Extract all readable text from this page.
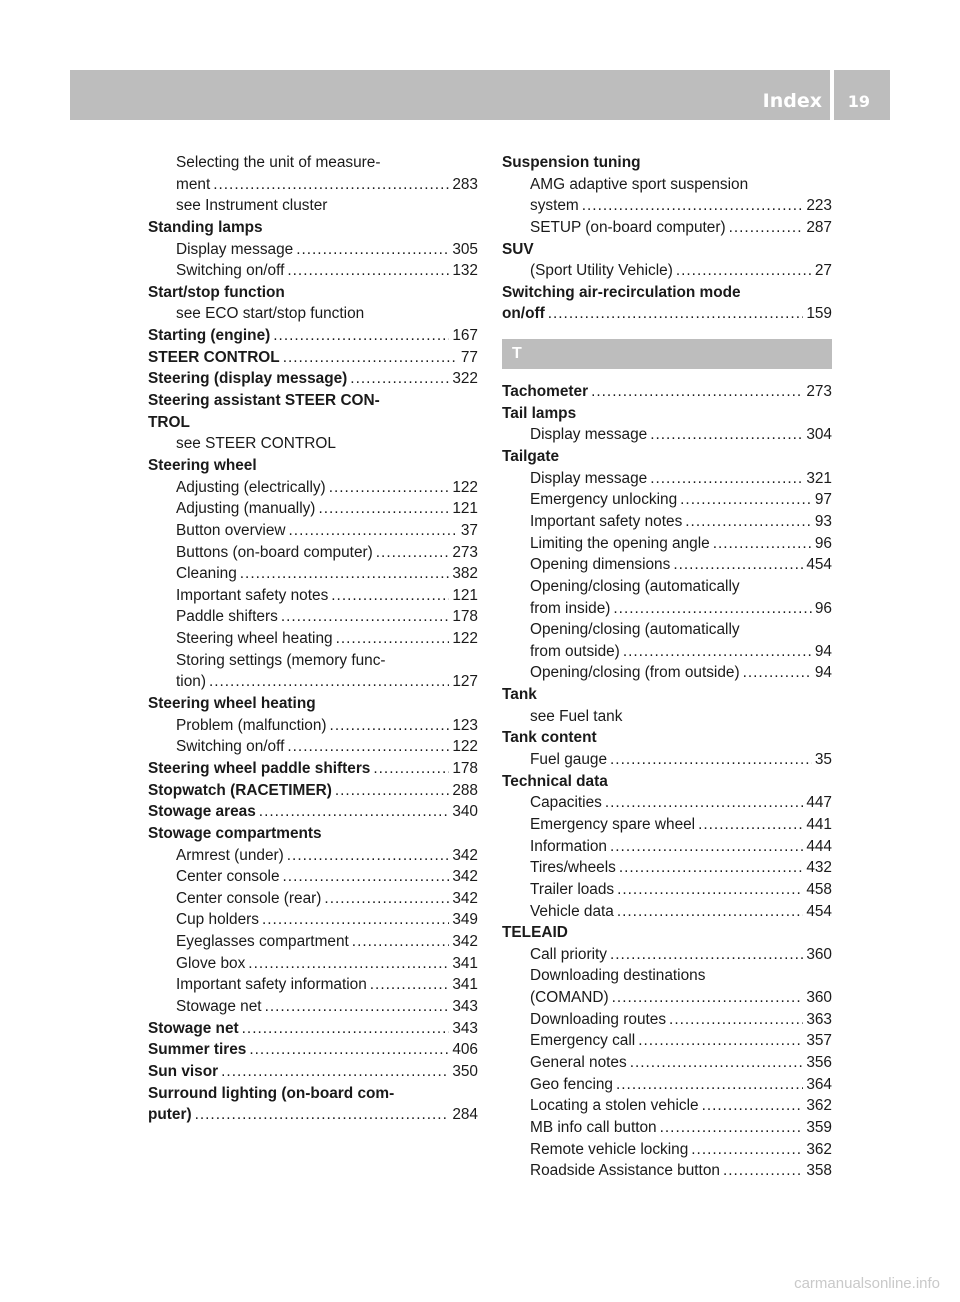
Index 19
Selecting the unit of measure-
ment .....	283
see Instrument cluster
Standing lamps
Display message .....	305
Switching on/off .....	132
Start/stop function
see ECO start/stop function
Starting (engine) .....	167
STEER CONTROL .....	77
Steering (display message) .....	322
Steering assistant STEER CON-
TROL
see STEER CONTROL
Steering wheel
Adjusting (electrically) .....	122
Adjusting (manually) .....	121
Button overview .....	37
Buttons (on-board computer) .....	273
Cleaning .....	382
Important safety notes .....	121
Paddle shifters .....	178
Steering wheel heating .....	122
Storing settings (memory func-
tion) .....	127
Steering wheel heating
Problem (malfunction) .....	123
Switching on/off .....	122
Steering wheel paddle shifters .....	178
Stopwatch (RACETIMER) .....	288
Stowage areas .....	340
Stowage compartments
Armrest (under) .....	342
Center console .....	342
Center console (rear) .....	342
Cup holders .....	349
Eyeglasses compartment .....	342
Glove box .....	341
Important safety information .....	341
Stowage net .....	343
Stowage net .....	343
Summer tires .....	406
Sun visor .....	350
Surround lighting (on-board com-
puter) .....	284
Suspension tuning
AMG adaptive sport suspension
system .....	223
SETUP (on-board computer) .....	287
SUV
(Sport Utility Vehicle) .....	27
Switching air-recirculation mode
on/off .....	159
T
Tachometer .....	273
Tail lamps
Display message .....	304
Tailgate
Display message .....	321
Emergency unlocking .....	97
Important safety notes .....	93
Limiting the opening angle .....	96
Opening dimensions .....	454
Opening/closing (automatically
from inside) .....	96
Opening/closing (automatically
from outside) .....	94
Opening/closing (from outside) .....	94
Tank
see Fuel tank
Tank content
Fuel gauge .....	35
Technical data
Capacities .....	447
Emergency spare wheel .....	441
Information .....	444
Tires/wheels .....	432
Trailer loads .....	458
Vehicle data .....	454
TELEAID
Call priority .....	360
Downloading destinations
(COMAND) .....	360
Downloading routes .....	363
Emergency call .....	357
General notes .....	356
Geo fencing .....	364
Locating a stolen vehicle .....	362
MB info call button .....	359
Remote vehicle locking .....	362
Roadside Assistance button .....	358
carmanualsonline.info
